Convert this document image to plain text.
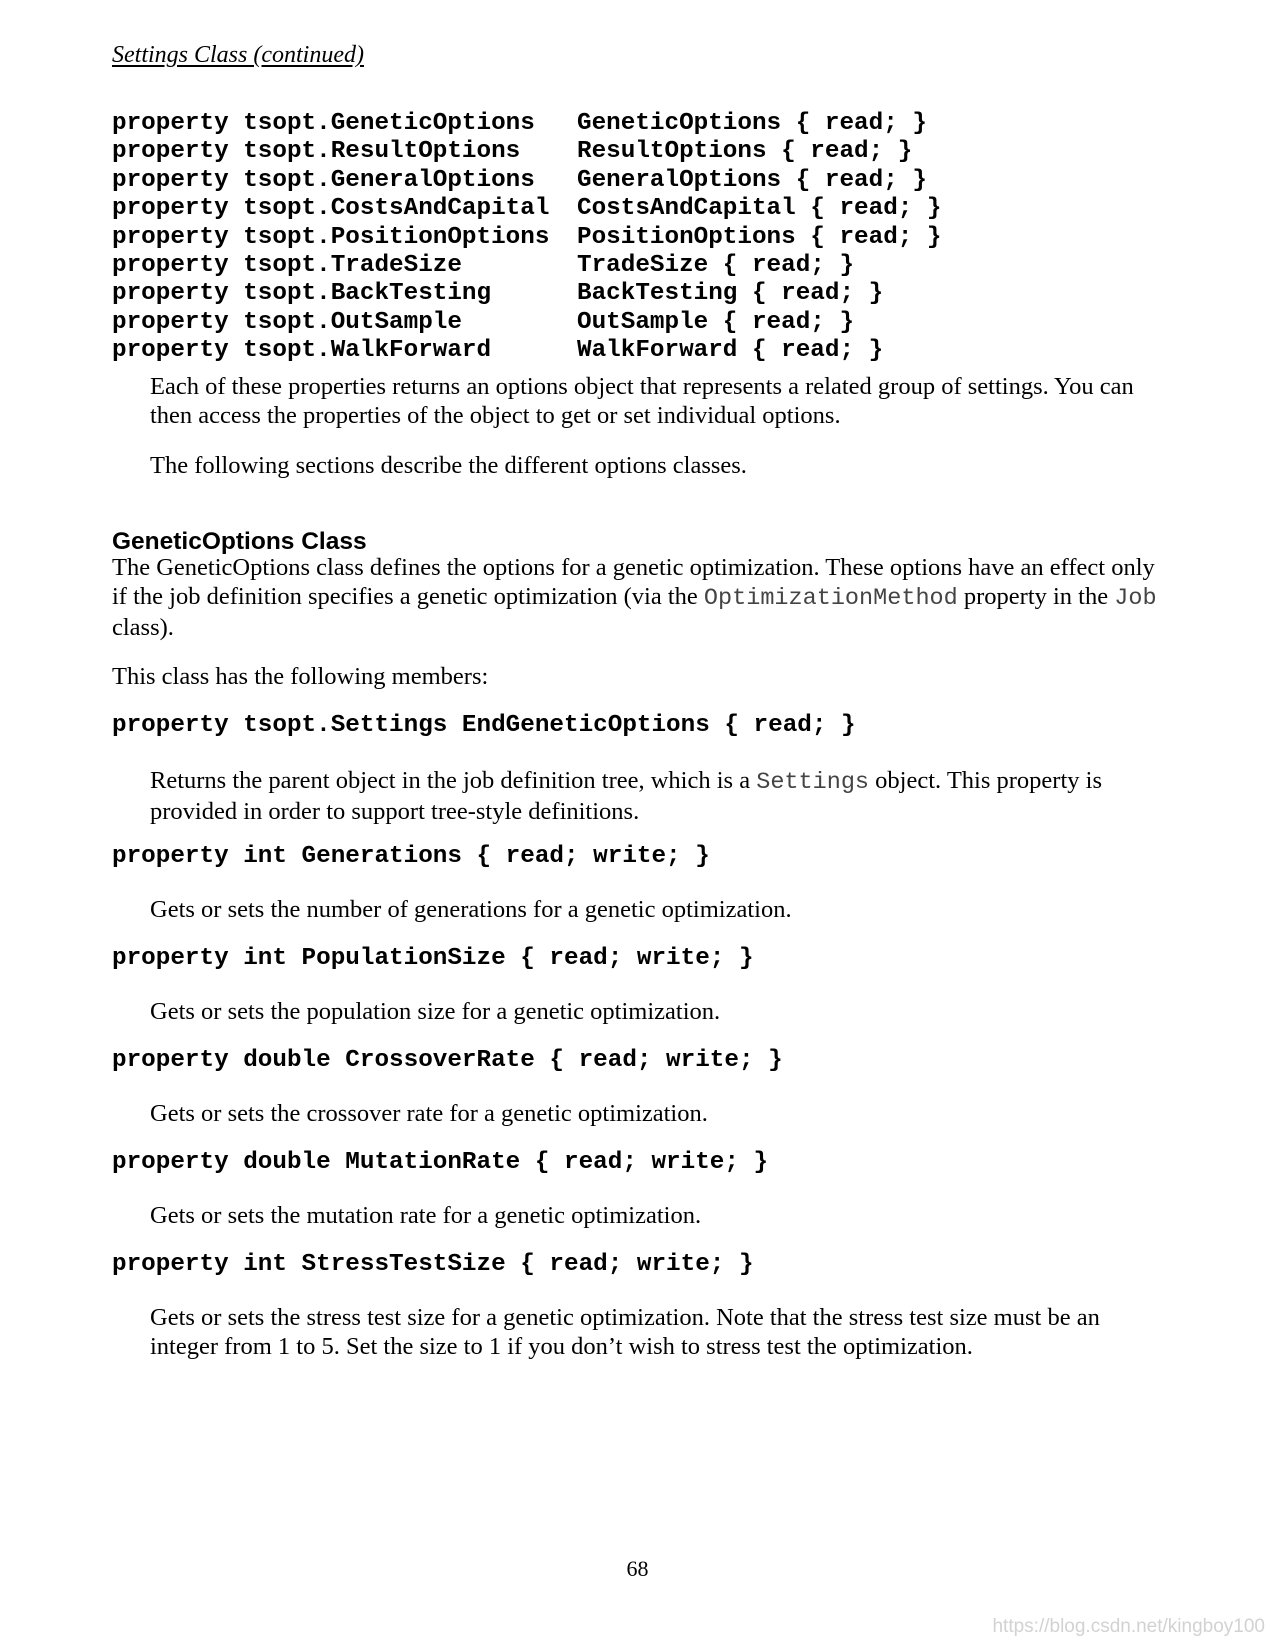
Settings Class (continued)

property tsopt.GeneticOptions	GeneticOptions { read; }
property tsopt.ResultOptions	ResultOptions { read; }
property tsopt.GeneralOptions	GeneralOptions { read; }
property tsopt.CostsAndCapital	CostsAndCapital { read; }
property tsopt.PositionOptions	PositionOptions { read; }
property tsopt.TradeSize	TradeSize { read; }
property tsopt.BackTesting	BackTesting { read; }
property tsopt.OutSample	OutSample { read; }
property tsopt.WalkForward	WalkForward { read; }

Each of these properties returns an options object that represents a related group of settings. You can then access the properties of the object to get or set individual options.

The following sections describe the different options classes.

GeneticOptions Class

The GeneticOptions class defines the options for a genetic optimization. These options have an effect only if the job definition specifies a genetic optimization (via the OptimizationMethod property in the Job class).

This class has the following members:

property tsopt.Settings EndGeneticOptions { read; }

Returns the parent object in the job definition tree, which is a Settings object. This property is provided in order to support tree-style definitions.

property int Generations { read; write; }

Gets or sets the number of generations for a genetic optimization.

property int PopulationSize { read; write; }

Gets or sets the population size for a genetic optimization.

property double CrossoverRate { read; write; }

Gets or sets the crossover rate for a genetic optimization.

property double MutationRate { read; write; }

Gets or sets the mutation rate for a genetic optimization.

property int StressTestSize { read; write; }

Gets or sets the stress test size for a genetic optimization. Note that the stress test size must be an integer from 1 to 5. Set the size to 1 if you don’t wish to stress test the optimization.

68

https://blog.csdn.net/kingboy100
